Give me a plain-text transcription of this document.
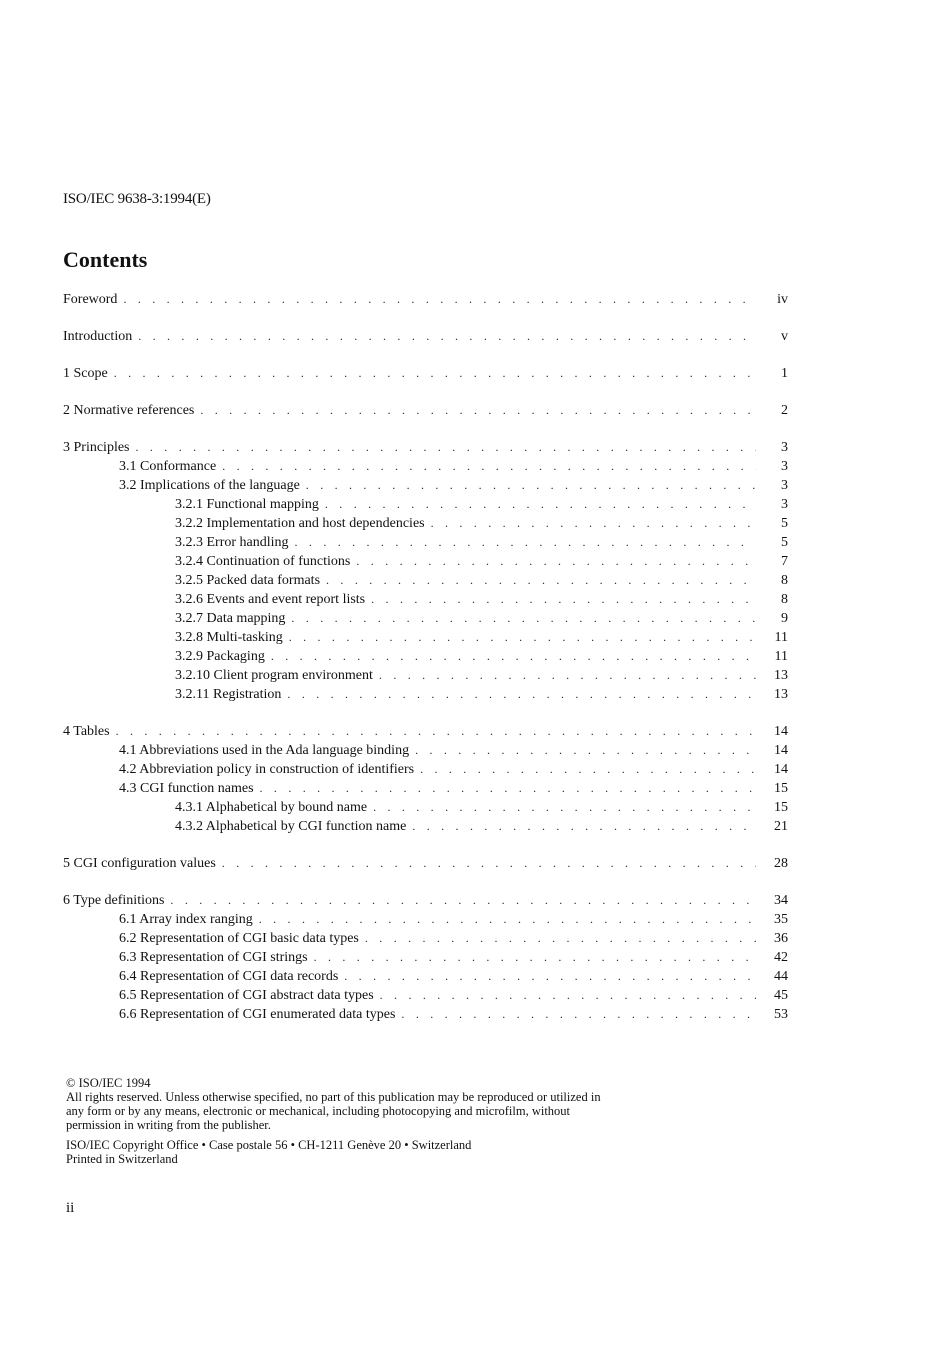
ISO/IEC 9638-3:1994(E)
Contents
Foreword . . .	iv
Introduction . . .	v
1 Scope . . .	1
2 Normative references . . .	2
3 Principles . . .	3
3.1 Conformance . . .	3
3.2 Implications of the language . . .	3
3.2.1 Functional mapping . . .	3
3.2.2 Implementation and host dependencies . . .	5
3.2.3 Error handling . . .	5
3.2.4 Continuation of functions . . .	7
3.2.5 Packed data formats . . .	8
3.2.6 Events and event report lists . . .	8
3.2.7 Data mapping . . .	9
3.2.8 Multi-tasking . . .	11
3.2.9 Packaging . . .	11
3.2.10 Client program environment . . .	13
3.2.11 Registration . . .	13
4 Tables . . .	14
4.1 Abbreviations used in the Ada language binding . . .	14
4.2 Abbreviation policy in construction of identifiers . . .	14
4.3 CGI function names . . .	15
4.3.1 Alphabetical by bound name . . .	15
4.3.2 Alphabetical by CGI function name . . .	21
5 CGI configuration values . . .	28
6 Type definitions . . .	34
6.1 Array index ranging . . .	35
6.2 Representation of CGI basic data types . . .	36
6.3 Representation of CGI strings . . .	42
6.4 Representation of CGI data records . . .	44
6.5 Representation of CGI abstract data types . . .	45
6.6 Representation of CGI enumerated data types . . .	53

© ISO/IEC 1994

All rights reserved. Unless otherwise specified, no part of this publication may be reproduced or utilized in any form or by any means, electronic or mechanical, including photocopying and microfilm, without permission in writing from the publisher.

ISO/IEC Copyright Office • Case postale 56 • CH-1211 Genève 20 • Switzerland

Printed in Switzerland

ii
